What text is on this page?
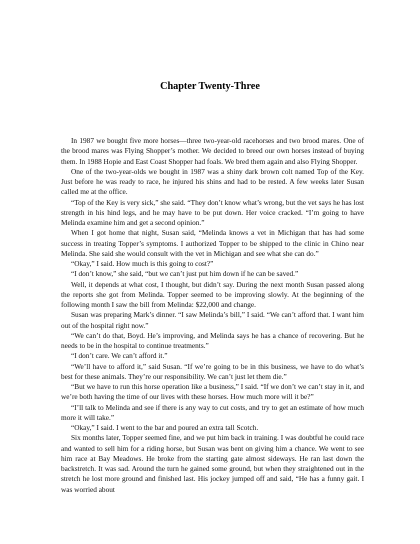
Chapter Twenty-Three

In 1987 we bought five more horses—three two-year-old racehorses and two brood mares. One of the brood mares was Flying Shopper’s mother. We decided to breed our own horses instead of buying them. In 1988 Hopie and East Coast Shopper had foals. We bred them again and also Flying Shopper.

One of the two-year-olds we bought in 1987 was a shiny dark brown colt named Top of the Key. Just before he was ready to race, he injured his shins and had to be rested. A few weeks later Susan called me at the office.

“Top of the Key is very sick,” she said. “They don’t know what’s wrong, but the vet says he has lost strength in his hind legs, and he may have to be put down. Her voice cracked. “I’m going to have Melinda examine him and get a second opinion.”

When I got home that night, Susan said, “Melinda knows a vet in Michigan that has had some success in treating Topper’s symptoms. I authorized Topper to be shipped to the clinic in Chino near Melinda. She said she would consult with the vet in Michigan and see what she can do.”

“Okay,” I said. How much is this going to cost?”

“I don’t know,” she said, “but we can’t just put him down if he can be saved.”

Well, it depends at what cost, I thought, but didn’t say. During the next month Susan passed along the reports she got from Melinda. Topper seemed to be improving slowly. At the beginning of the following month I saw the bill from Melinda: $22,000 and change.

Susan was preparing Mark’s dinner. “I saw Melinda’s bill,” I said. “We can’t afford that. I want him out of the hospital right now.”

“We can’t do that, Boyd. He’s improving, and Melinda says he has a chance of recovering. But he needs to be in the hospital to continue treatments.”

“I don’t care. We can’t afford it.”

“We’ll have to afford it,” said Susan. “If we’re going to be in this business, we have to do what’s best for these animals. They’re our responsibility. We can’t just let them die.”

“But we have to run this horse operation like a business,” I said. “If we don’t we can’t stay in it, and we’re both having the time of our lives with these horses. How much more will it be?”

“I’ll talk to Melinda and see if there is any way to cut costs, and try to get an estimate of how much more it will take.”

“Okay,” I said. I went to the bar and poured an extra tall Scotch.

Six months later, Topper seemed fine, and we put him back in training. I was doubtful he could race and wanted to sell him for a riding horse, but Susan was bent on giving him a chance. We went to see him race at Bay Meadows. He broke from the starting gate almost sideways. He ran last down the backstretch. It was sad. Around the turn he gained some ground, but when they straightened out in the stretch he lost more ground and finished last. His jockey jumped off and said, “He has a funny gait. I was worried about
